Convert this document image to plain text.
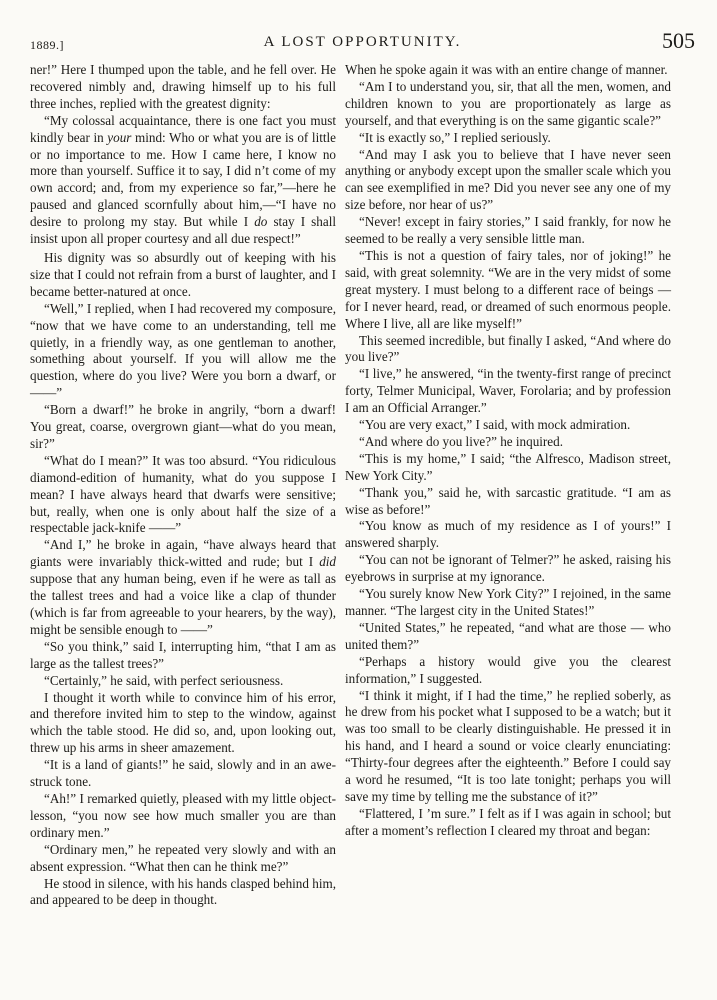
1889.]	A LOST OPPORTUNITY.	505

ner!” Here I thumped upon the table, and he fell over. He recovered nimbly and, drawing himself up to his full three inches, replied with the greatest dignity:

“My colossal acquaintance, there is one fact you must kindly bear in your mind: Who or what you are is of little or no importance to me. How I came here, I know no more than yourself. Suffice it to say, I did n’t come of my own accord; and, from my experience so far,”—here he paused and glanced scornfully about him,—“I have no desire to prolong my stay. But while I do stay I shall insist upon all proper courtesy and all due respect!”

His dignity was so absurdly out of keeping with his size that I could not refrain from a burst of laughter, and I became better-natured at once.

“Well,” I replied, when I had recovered my composure, “now that we have come to an understanding, tell me quietly, in a friendly way, as one gentleman to another, something about yourself. If you will allow me the question, where do you live? Were you born a dwarf, or ——”

“Born a dwarf!” he broke in angrily, “born a dwarf! You great, coarse, overgrown giant—what do you mean, sir?”

“What do I mean?” It was too absurd. “You ridiculous diamond-edition of humanity, what do you suppose I mean? I have always heard that dwarfs were sensitive; but, really, when one is only about half the size of a respectable jack-knife ——”

“And I,” he broke in again, “have always heard that giants were invariably thick-witted and rude; but I did suppose that any human being, even if he were as tall as the tallest trees and had a voice like a clap of thunder (which is far from agreeable to your hearers, by the way), might be sensible enough to ——”

“So you think,” said I, interrupting him, “that I am as large as the tallest trees?”

“Certainly,” he said, with perfect seriousness.

I thought it worth while to convince him of his error, and therefore invited him to step to the window, against which the table stood. He did so, and, upon looking out, threw up his arms in sheer amazement.

“It is a land of giants!” he said, slowly and in an awe-struck tone.

“Ah!” I remarked quietly, pleased with my little object-lesson, “you now see how much smaller you are than ordinary men.”

“Ordinary men,” he repeated very slowly and with an absent expression. “What then can he think me?”

He stood in silence, with his hands clasped behind him, and appeared to be deep in thought.

When he spoke again it was with an entire change of manner.

“Am I to understand you, sir, that all the men, women, and children known to you are proportionately as large as yourself, and that everything is on the same gigantic scale?”

“It is exactly so,” I replied seriously.

“And may I ask you to believe that I have never seen anything or anybody except upon the smaller scale which you can see exemplified in me? Did you never see any one of my size before, nor hear of us?”

“Never! except in fairy stories,” I said frankly, for now he seemed to be really a very sensible little man.

“This is not a question of fairy tales, nor of joking!” he said, with great solemnity. “We are in the very midst of some great mystery. I must belong to a different race of beings — for I never heard, read, or dreamed of such enormous people. Where I live, all are like myself!”

This seemed incredible, but finally I asked, “And where do you live?”

“I live,” he answered, “in the twenty-first range of precinct forty, Telmer Municipal, Waver, Forolaria; and by profession I am an Official Arranger.”

“You are very exact,” I said, with mock admiration.

“And where do you live?” he inquired.

“This is my home,” I said; “the Alfresco, Madison street, New York City.”

“Thank you,” said he, with sarcastic gratitude. “I am as wise as before!”

“You know as much of my residence as I of yours!” I answered sharply.

“You can not be ignorant of Telmer?” he asked, raising his eyebrows in surprise at my ignorance.

“You surely know New York City?” I rejoined, in the same manner. “The largest city in the United States!”

“United States,” he repeated, “and what are those — who united them?”

“Perhaps a history would give you the clearest information,” I suggested.

“I think it might, if I had the time,” he replied soberly, as he drew from his pocket what I supposed to be a watch; but it was too small to be clearly distinguishable. He pressed it in his hand, and I heard a sound or voice clearly enunciating: “Thirty-four degrees after the eighteenth.” Before I could say a word he resumed, “It is too late tonight; perhaps you will save my time by telling me the substance of it?”

“Flattered, I ’m sure.” I felt as if I was again in school; but after a moment’s reflection I cleared my throat and began:
